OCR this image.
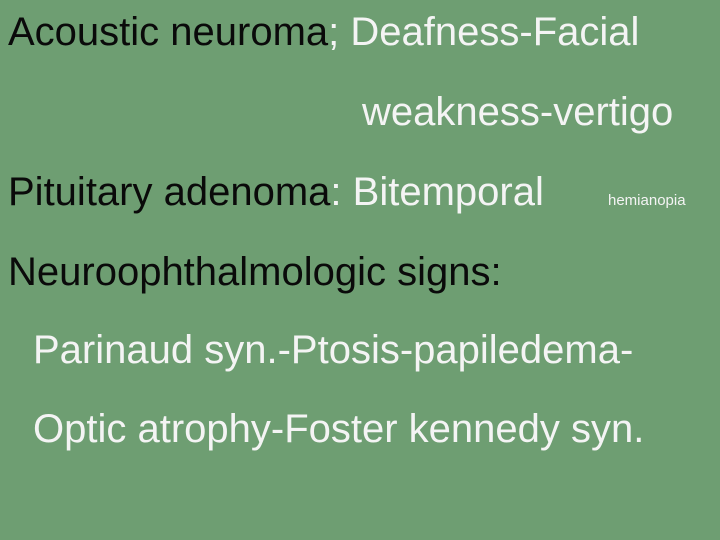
Acoustic neuroma; Deafness-Facial
weakness-vertigo
Pituitary adenoma: Bitemporal	hemianopia
Neuroophthalmologic signs:
Parinaud syn.-Ptosis-papiledema-
Optic atrophy-Foster kennedy syn.
